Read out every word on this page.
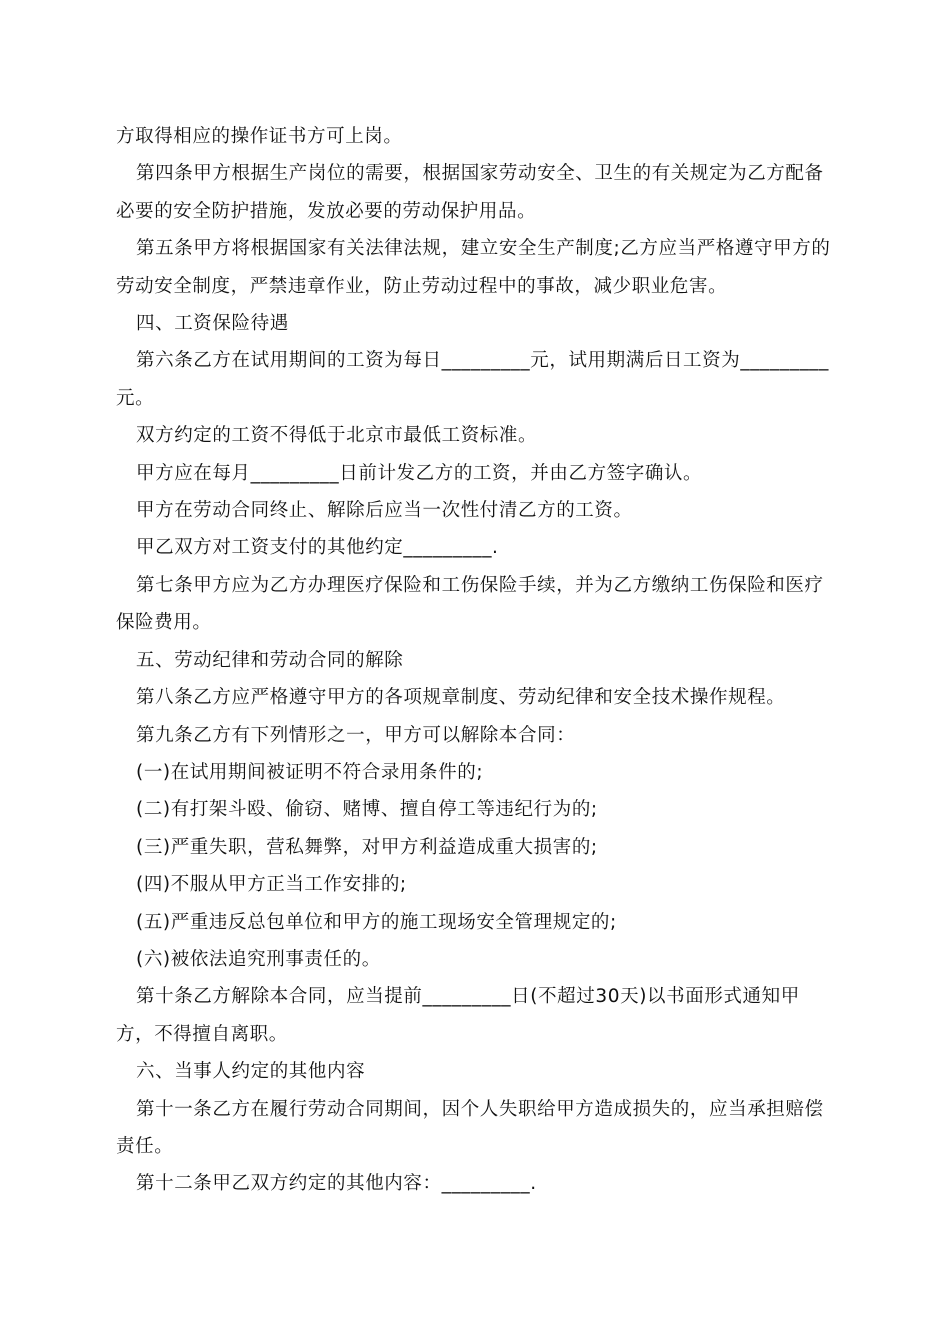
方取得相应的操作证书方可上岗。

第四条甲方根据生产岗位的需要，根据国家劳动安全、卫生的有关规定为乙方配备必要的安全防护措施，发放必要的劳动保护用品。

第五条甲方将根据国家有关法律法规，建立安全生产制度;乙方应当严格遵守甲方的劳动安全制度，严禁违章作业，防止劳动过程中的事故，减少职业危害。

四、工资保险待遇

第六条乙方在试用期间的工资为每日_________元，试用期满后日工资为_________元。

双方约定的工资不得低于北京市最低工资标准。

甲方应在每月_________日前计发乙方的工资，并由乙方签字确认。

甲方在劳动合同终止、解除后应当一次性付清乙方的工资。

甲乙双方对工资支付的其他约定_________.

第七条甲方应为乙方办理医疗保险和工伤保险手续，并为乙方缴纳工伤保险和医疗保险费用。

五、劳动纪律和劳动合同的解除

第八条乙方应严格遵守甲方的各项规章制度、劳动纪律和安全技术操作规程。

第九条乙方有下列情形之一，甲方可以解除本合同：

(一)在试用期间被证明不符合录用条件的;

(二)有打架斗殴、偷窃、赌博、擅自停工等违纪行为的;

(三)严重失职，营私舞弊，对甲方利益造成重大损害的;

(四)不服从甲方正当工作安排的;

(五)严重违反总包单位和甲方的施工现场安全管理规定的;

(六)被依法追究刑事责任的。

第十条乙方解除本合同，应当提前_________日(不超过30天)以书面形式通知甲方，不得擅自离职。

六、当事人约定的其他内容

第十一条乙方在履行劳动合同期间，因个人失职给甲方造成损失的，应当承担赔偿责任。

第十二条甲乙双方约定的其他内容：_________.
